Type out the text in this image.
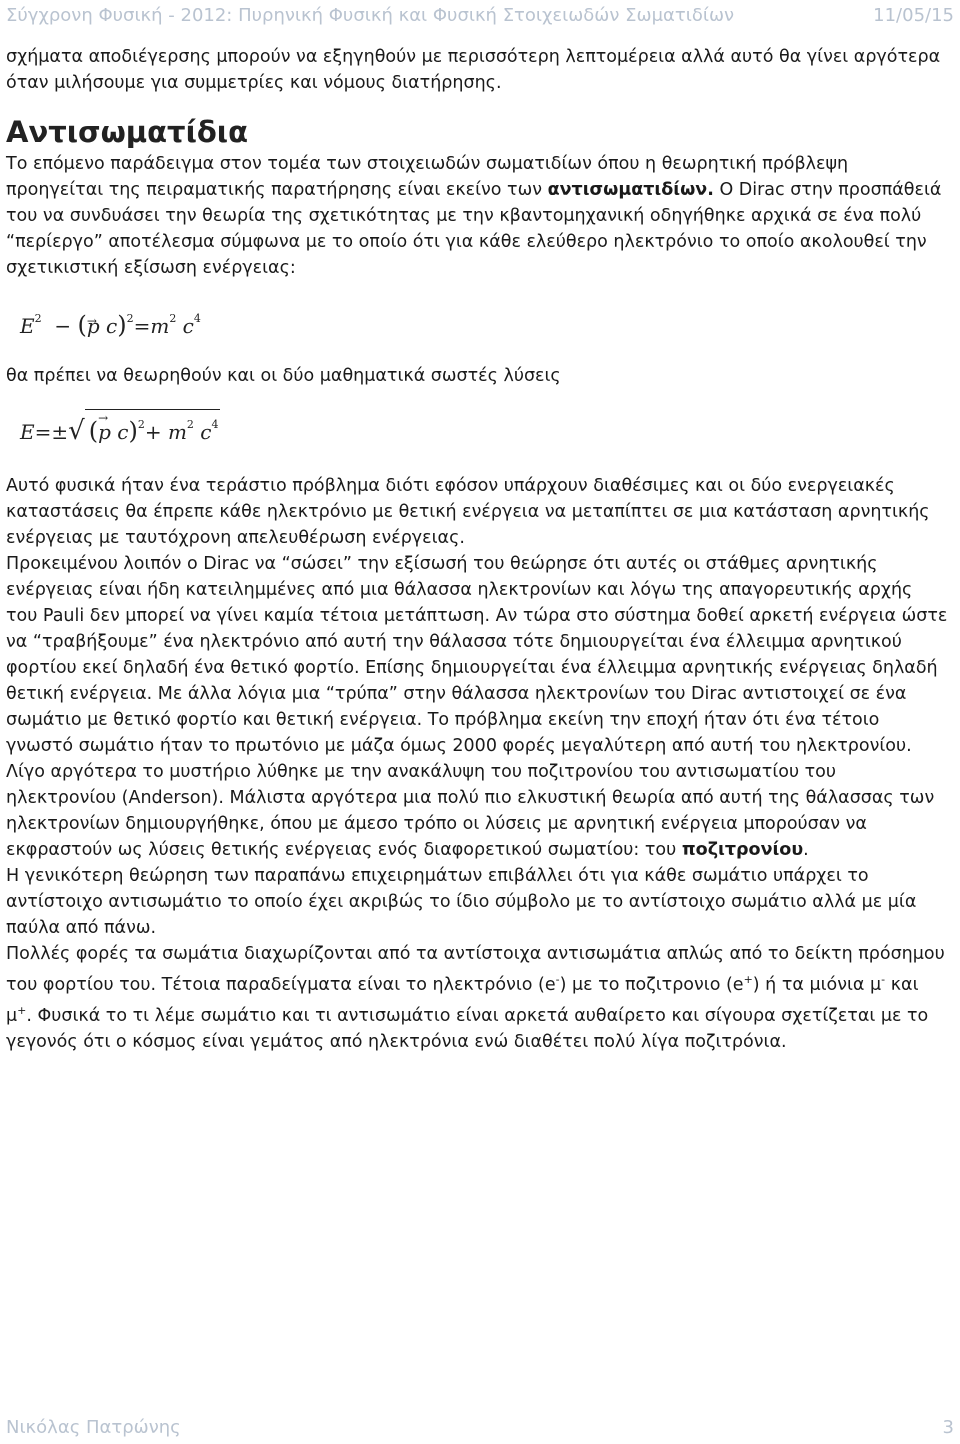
Σύγχρονη Φυσική - 2012: Πυρηνική Φυσική και Φυσική Στοιχειωδών Σωματιδίων	11/05/15

σχήματα αποδιέγερσης μπορούν να εξηγηθούν με περισσότερη λεπτομέρεια αλλά αυτό θα γίνει αργότερα όταν μιλήσουμε για συμμετρίες και νόμους διατήρησης.

Αντισωματίδια

Το επόμενο παράδειγμα στον τομέα των στοιχειωδών σωματιδίων όπου η θεωρητική πρόβλεψη προηγείται της πειραματικής παρατήρησης είναι εκείνο των αντισωματιδίων. Ο Dirac στην προσπάθειά του να συνδυάσει την θεωρία της σχετικότητας με την κβαντομηχανική οδηγήθηκε αρχικά σε ένα πολύ “περίεργο” αποτέλεσμα σύμφωνα με το οποίο ότι για κάθε ελεύθερο ηλεκτρόνιο το οποίο ακολουθεί την σχετικιστική εξίσωση ενέργειας:

$E^2$  − (→ p $c)^2=m^2$ $c^4$

θα πρέπει να θεωρηθούν και οι δύο μαθηματικά σωστές λύσεις

E=±√ (→ p $c)^2+ m^2$ $c^4$

Αυτό φυσικά ήταν ένα τεράστιο πρόβλημα διότι εφόσον υπάρχουν διαθέσιμες και οι δύο ενεργειακές καταστάσεις θα έπρεπε κάθε ηλεκτρόνιο με θετική ενέργεια να μεταπίπτει σε μια κατάσταση αρνητικής ενέργειας με ταυτόχρονη απελευθέρωση ενέργειας.

Προκειμένου λοιπόν ο Dirac να “σώσει” την εξίσωσή του θεώρησε ότι αυτές οι στάθμες αρνητικής ενέργειας είναι ήδη κατειλημμένες από μια θάλασσα ηλεκτρονίων και λόγω της απαγορευτικής αρχής του Pauli δεν μπορεί να γίνει καμία τέτοια μετάπτωση. Αν τώρα στο σύστημα δοθεί αρκετή ενέργεια ώστε να “τραβήξουμε” ένα ηλεκτρόνιο από αυτή την θάλασσα τότε δημιουργείται ένα έλλειμμα αρνητικού φορτίου εκεί δηλαδή ένα θετικό φορτίο. Επίσης δημιουργείται ένα έλλειμμα αρνητικής ενέργειας δηλαδή θετική ενέργεια. Με άλλα λόγια μια “τρύπα” στην θάλασσα ηλεκτρονίων του Dirac αντιστοιχεί σε ένα σωμάτιο με θετικό φορτίο και θετική ενέργεια. Το πρόβλημα εκείνη την εποχή ήταν ότι ένα τέτοιο γνωστό σωμάτιο ήταν το πρωτόνιο με μάζα όμως 2000 φορές μεγαλύτερη από αυτή του ηλεκτρονίου.

Λίγο αργότερα το μυστήριο λύθηκε με την ανακάλυψη του ποζιτρονίου του αντισωματίου του ηλεκτρονίου (Anderson). Μάλιστα αργότερα μια πολύ πιο ελκυστική θεωρία από αυτή της θάλασσας των ηλεκτρονίων δημιουργήθηκε, όπου με άμεσο τρόπο οι λύσεις με αρνητική ενέργεια μπορούσαν να εκφραστούν ως λύσεις θετικής ενέργειας ενός διαφορετικού σωματίου: του ποζιτρονίου.

Η γενικότερη θεώρηση των παραπάνω επιχειρημάτων επιβάλλει ότι για κάθε σωμάτιο υπάρχει το αντίστοιχο αντισωμάτιο το οποίο έχει ακριβώς το ίδιο σύμβολο με το αντίστοιχο σωμάτιο αλλά με μία παύλα από πάνω.

Πολλές φορές τα σωμάτια διαχωρίζονται από τα αντίστοιχα αντισωμάτια απλώς από το δείκτη πρόσημου του φορτίου του. Τέτοια παραδείγματα είναι το ηλεκτρόνιο (e-) με το ποζιτρονιο (e+) ή τα μιόνια μ- και μ+. Φυσικά το τι λέμε σωμάτιο και τι αντισωμάτιο είναι αρκετά αυθαίρετο και σίγουρα σχετίζεται με το γεγονός ότι ο κόσμος είναι γεμάτος από ηλεκτρόνια ενώ διαθέτει πολύ λίγα ποζιτρόνια.

Νικόλας Πατρώνης	3
